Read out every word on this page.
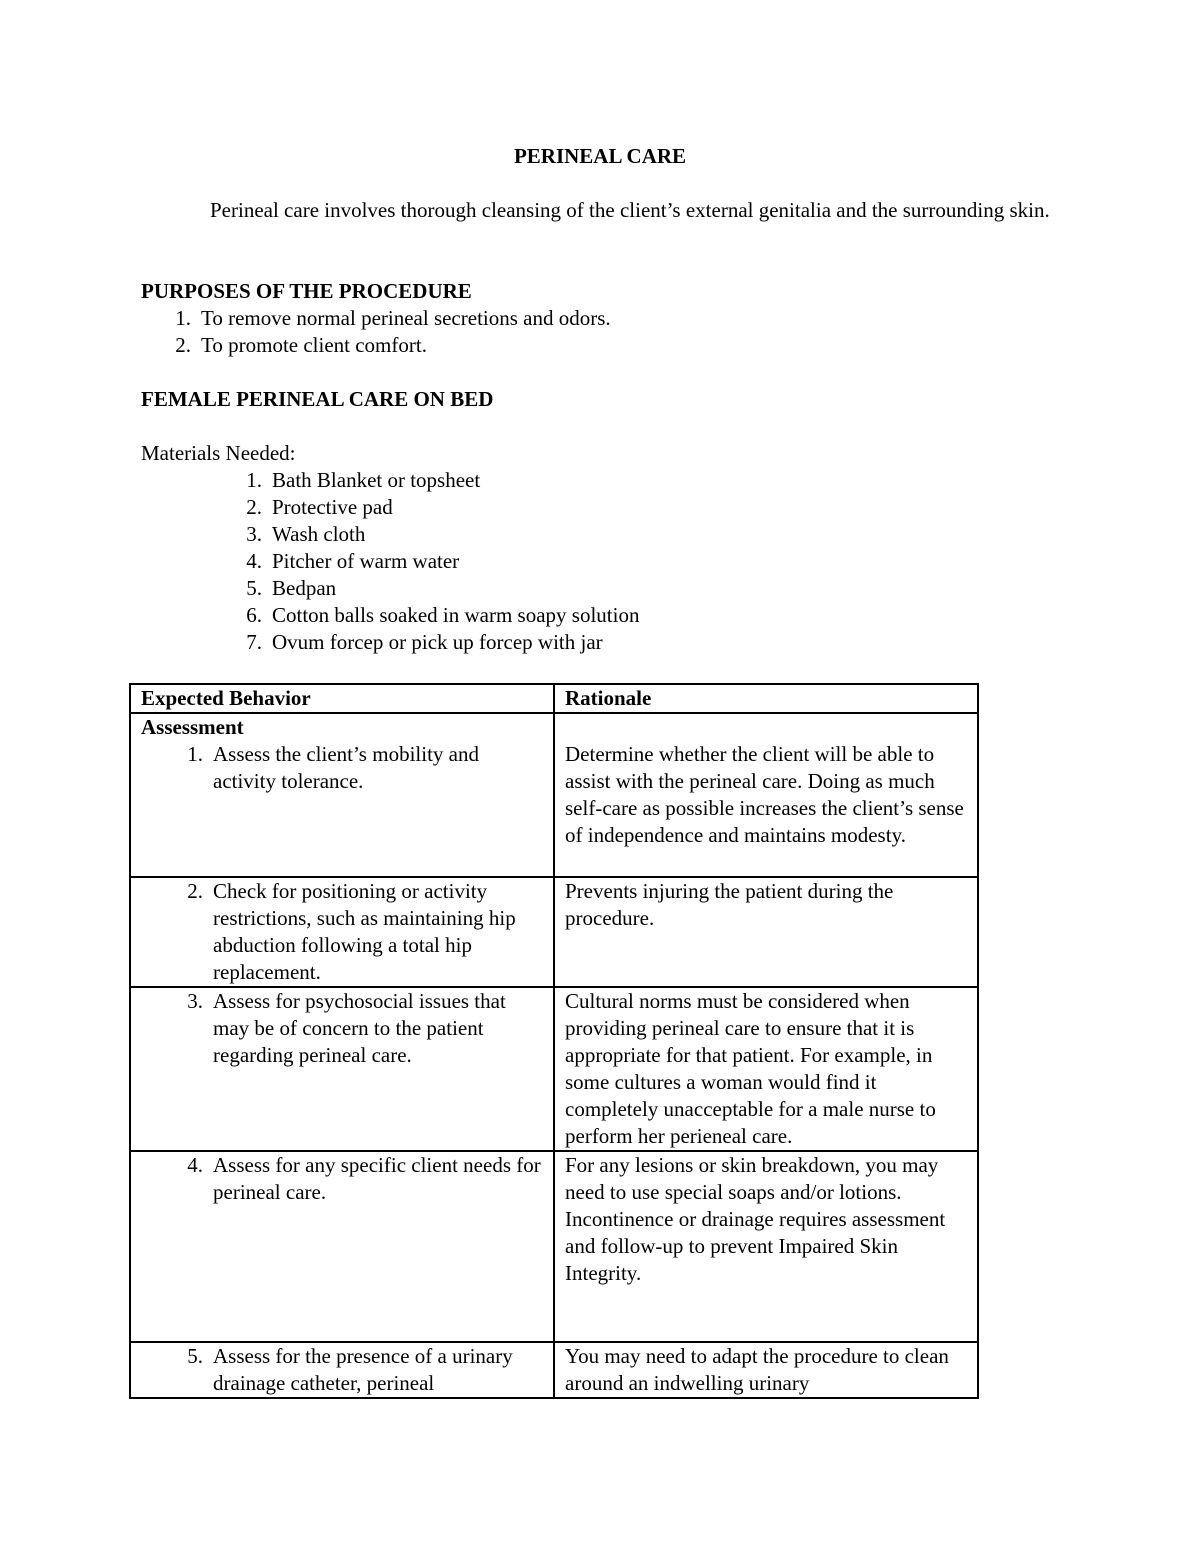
PERINEAL CARE
Perineal care involves thorough cleansing of the client’s external genitalia and the surrounding skin.
PURPOSES OF THE PROCEDURE
1. To remove normal perineal secretions and odors.
2. To promote client comfort.
FEMALE PERINEAL CARE ON BED
Materials Needed:
1. Bath Blanket or topsheet
2. Protective pad
3. Wash cloth
4. Pitcher of warm water
5. Bedpan
6. Cotton balls soaked in warm soapy solution
7. Ovum forcep or pick up forcep with jar
Expected Behavior	Rationale

Assessment
1. Assess the client’s mobility and activity tolerance.	Determine whether the client will be able to assist with the perineal care. Doing as much self-care as possible increases the client’s sense of independence and maintains modesty.

2. Check for positioning or activity restrictions, such as maintaining hip abduction following a total hip replacement.	Prevents injuring the patient during the procedure.

3. Assess for psychosocial issues that may be of concern to the patient regarding perineal care.	Cultural norms must be considered when providing perineal care to ensure that it is appropriate for that patient. For example, in some cultures a woman would find it completely unacceptable for a male nurse to perform her perieneal care.

4. Assess for any specific client needs for perineal care.	For any lesions or skin breakdown, you may need to use special soaps and/or lotions. Incontinence or drainage requires assessment and follow-up to prevent Impaired Skin Integrity.

5. Assess for the presence of a urinary drainage catheter, perineal	You may need to adapt the procedure to clean around an indwelling urinary
